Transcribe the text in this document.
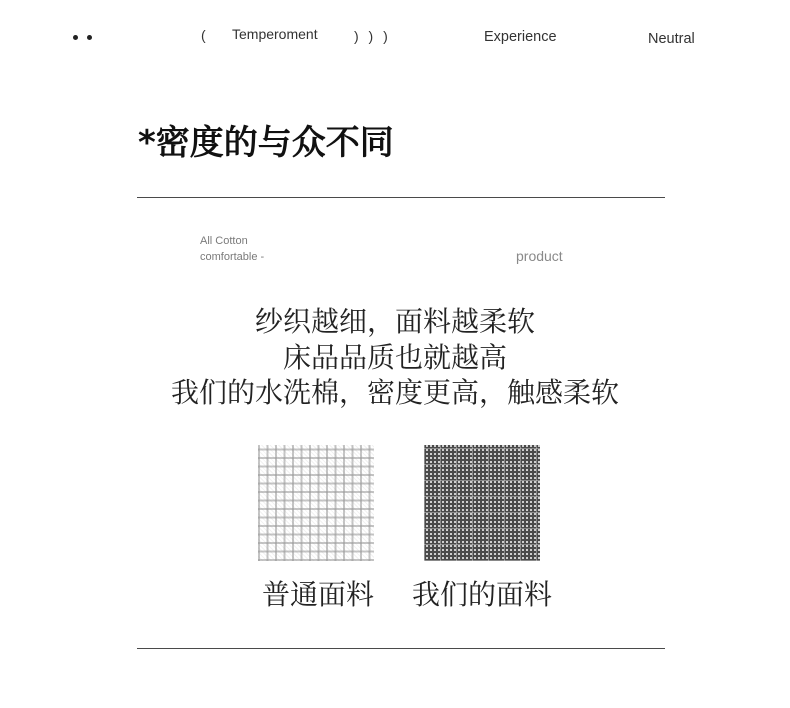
( Temperoment	) ) )	Experience	Neutral
*密度的与众不同
All Cotton
comfortable -	product
纱织越细，面料越柔软
床品品质也就越高
我们的水洗棉，密度更高，触感柔软
普通面料	我们的面料
